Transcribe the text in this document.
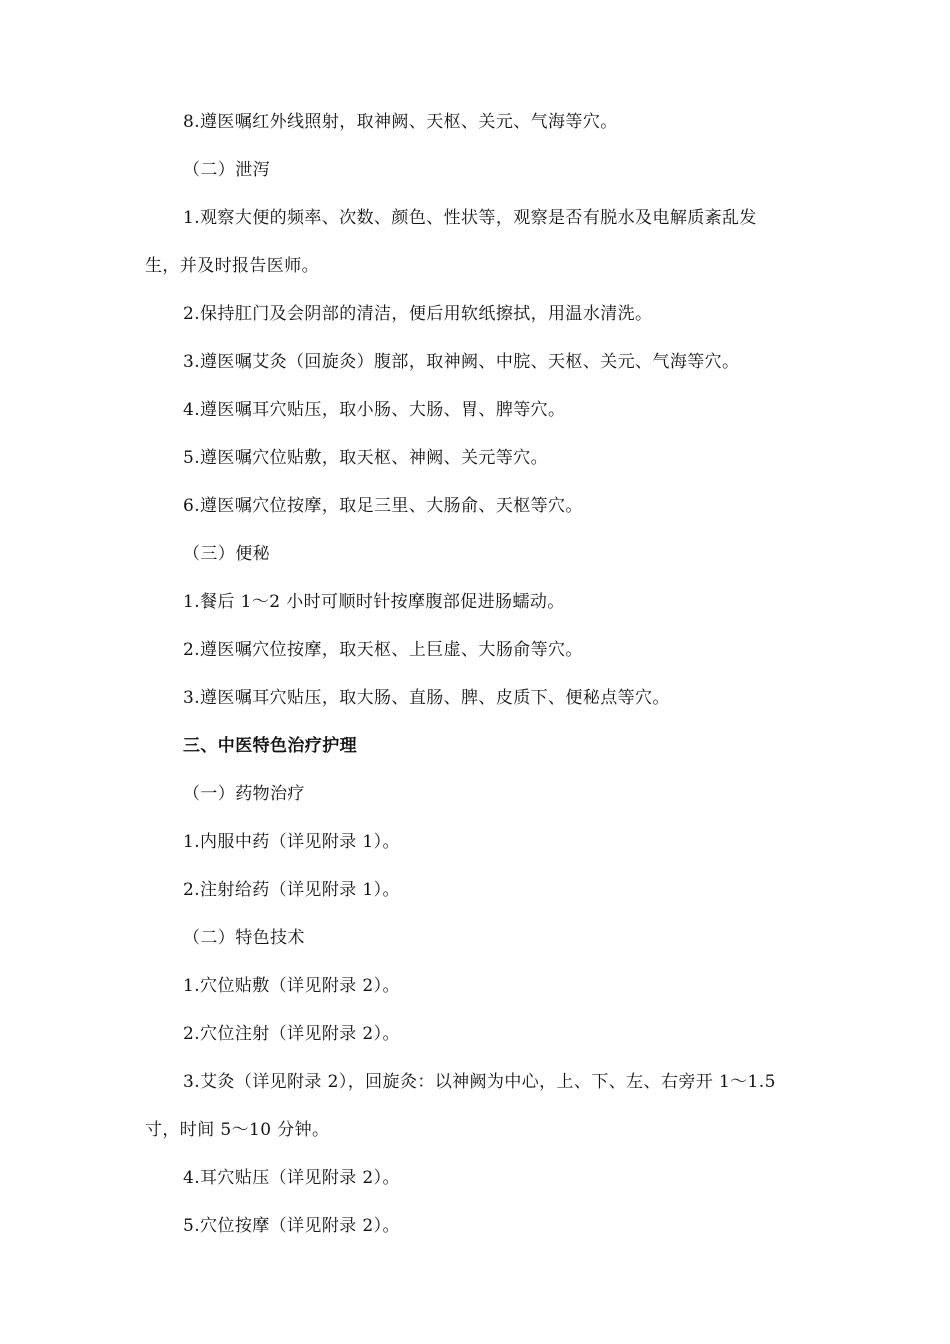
8.遵医嘱红外线照射，取神阙、天枢、关元、气海等穴。
（二）泄泻
1.观察大便的频率、次数、颜色、性状等，观察是否有脱水及电解质紊乱发
生，并及时报告医师。
2.保持肛门及会阴部的清洁，便后用软纸擦拭，用温水清洗。
3.遵医嘱艾灸（回旋灸）腹部，取神阙、中脘、天枢、关元、气海等穴。
4.遵医嘱耳穴贴压，取小肠、大肠、胃、脾等穴。
5.遵医嘱穴位贴敷，取天枢、神阙、关元等穴。
6.遵医嘱穴位按摩，取足三里、大肠俞、天枢等穴。
（三）便秘
1.餐后 1～2 小时可顺时针按摩腹部促进肠蠕动。
2.遵医嘱穴位按摩，取天枢、上巨虚、大肠俞等穴。
3.遵医嘱耳穴贴压，取大肠、直肠、脾、皮质下、便秘点等穴。
三、中医特色治疗护理
（一）药物治疗
1.内服中药（详见附录 1）。
2.注射给药（详见附录 1）。
（二）特色技术
1.穴位贴敷（详见附录 2）。
2.穴位注射（详见附录 2）。
3.艾灸（详见附录 2），回旋灸：以神阙为中心，上、下、左、右旁开 1～1.5
寸，时间 5～10 分钟。
4.耳穴贴压（详见附录 2）。
5.穴位按摩（详见附录 2）。
